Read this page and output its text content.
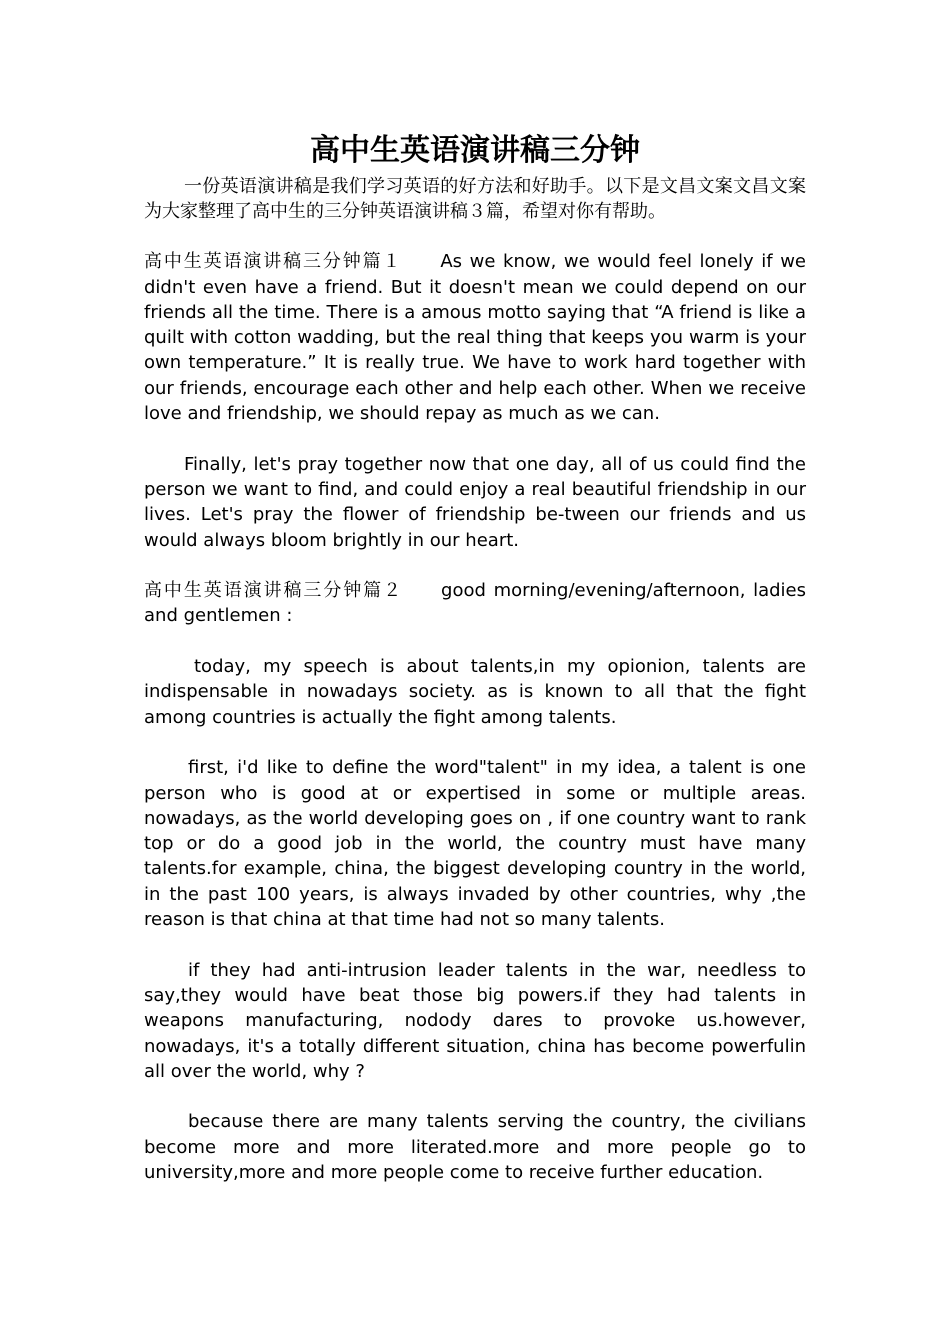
高中生英语演讲稿三分钟

一份英语演讲稿是我们学习英语的好方法和好助手。以下是文昌文案文昌文案为大家整理了高中生的三分钟英语演讲稿３篇，希望对你有帮助。

高中生英语演讲稿三分钟篇１ As we know, we would feel lonely if we didn't even have a friend. But it doesn't mean we could depend on our friends all the time. There is a amous motto saying that “A friend is like a quilt with cotton wadding, but the real thing that keeps you warm is your own temperature.” It is really true. We have to work hard together with our friends, encourage each other and help each other. When we receive love and friendship, we should repay as much as we can.

Finally, let's pray together now that one day, all of us could find the person we want to find, and could enjoy a real beautiful friendship in our lives. Let's pray the flower of friendship be-tween our friends and us would always bloom brightly in our heart.

高中生英语演讲稿三分钟篇２ good morning/evening/afternoon, ladies and gentlemen :

today, my speech is about talents,in my opionion, talents are indispensable in nowadays society. as is known to all that the fight among countries is actually the fight among talents.

first, i'd like to define the word"talent" in my idea, a talent is one person who is good at or expertised in some or multiple areas. nowadays, as the world developing goes on , if one country want to rank top or do a good job in the world, the country must have many talents.for example, china, the biggest developing country in the world, in the past 100 years, is always invaded by other countries, why ,the reason is that china at that time had not so many talents.

if they had anti-intrusion leader talents in the war, needless to say,they would have beat those big powers.if they had talents in weapons manufacturing, nodody dares to provoke us.however, nowadays, it's a totally different situation, china has become powerfulin all over the world, why ?

because there are many talents serving the country, the civilians become more and more literated.more and more people go to university,more and more people come to receive further education.
